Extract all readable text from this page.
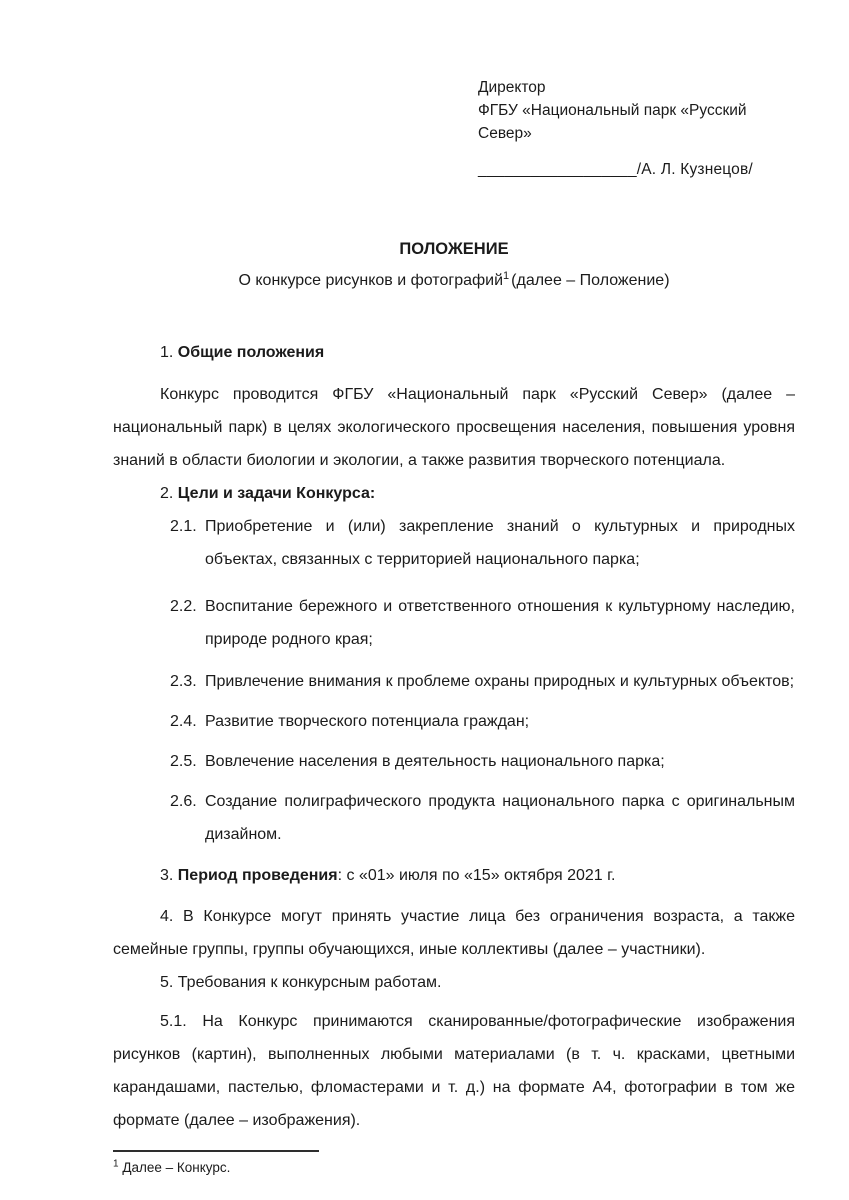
Директор
ФГБУ «Национальный парк «Русский
Север»
__________________/А. Л. Кузнецов/
ПОЛОЖЕНИЕ
О конкурсе рисунков и фотографий$^1$ (далее – Положение)

1. Общие положения

Конкурс проводится ФГБУ «Национальный парк «Русский Север» (далее – национальный парк) в целях экологического просвещения населения, повышения уровня знаний в области биологии и экологии, а также развития творческого потенциала.

2. Цели и задачи Конкурса:

2.1. Приобретение и (или) закрепление знаний о культурных и природных объектах, связанных с территорией национального парка;
2.2. Воспитание бережного и ответственного отношения к культурному наследию, природе родного края;
2.3. Привлечение внимания к проблеме охраны природных и культурных объектов;
2.4. Развитие творческого потенциала граждан;
2.5. Вовлечение населения в деятельность национального парка;
2.6. Создание полиграфического продукта национального парка с оригинальным дизайном.

3. Период проведения: с «01» июля по «15» октября 2021 г.

4. В Конкурсе могут принять участие лица без ограничения возраста, а также семейные группы, группы обучающихся, иные коллективы (далее – участники).

5. Требования к конкурсным работам.

5.1. На Конкурс принимаются сканированные/фотографические изображения рисунков (картин), выполненных любыми материалами (в т. ч. красками, цветными карандашами, пастелью, фломастерами и т. д.) на формате А4, фотографии в том же формате (далее – изображения).

$^1$ Далее – Конкурс.
